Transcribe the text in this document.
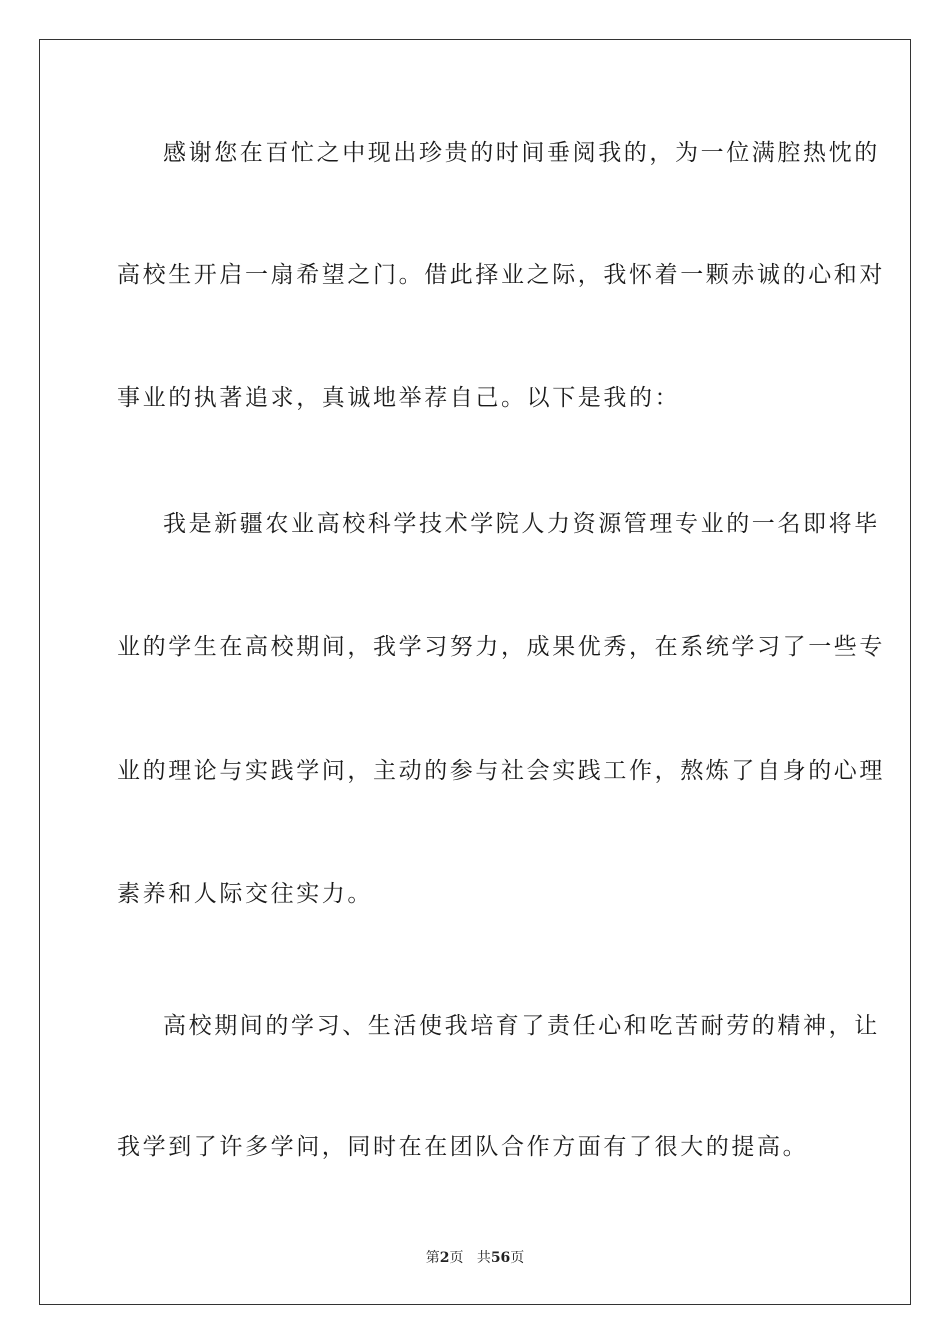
感谢您在百忙之中现出珍贵的时间垂阅我的，为一位满腔热忱的
高校生开启一扇希望之门。借此择业之际，我怀着一颗赤诚的心和对
事业的执著追求，真诚地举荐自己。以下是我的：
我是新疆农业高校科学技术学院人力资源管理专业的一名即将毕
业的学生在高校期间，我学习努力，成果优秀，在系统学习了一些专
业的理论与实践学问，主动的参与社会实践工作，熬炼了自身的心理
素养和人际交往实力。
高校期间的学习、生活使我培育了责任心和吃苦耐劳的精神，让
我学到了许多学问，同时在在团队合作方面有了很大的提高。
第2页 共56页
